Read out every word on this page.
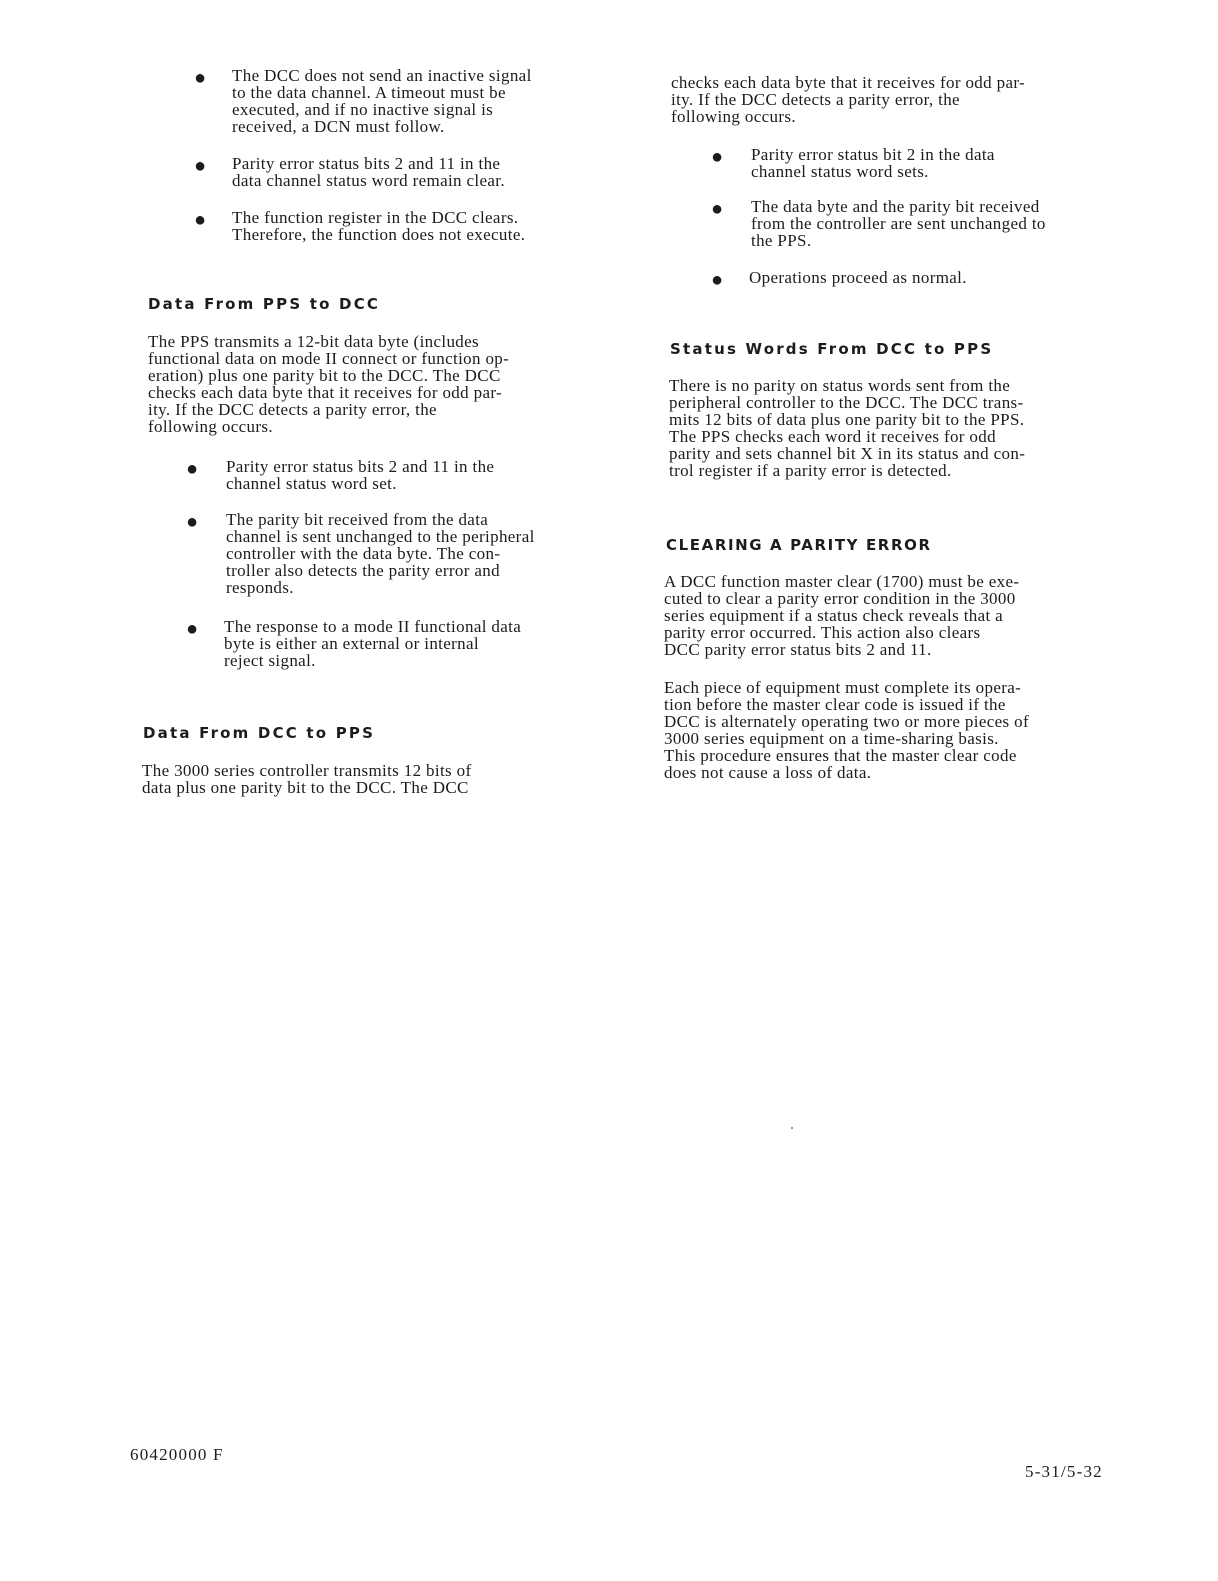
● The DCC does not send an inactive signal
to the data channel. A timeout must be
executed, and if no inactive signal is
received, a DCN must follow.
● Parity error status bits 2 and 11 in the
data channel status word remain clear.
● The function register in the DCC clears.
Therefore, the function does not execute.
Data From PPS to DCC

The PPS transmits a 12-bit data byte (includes
functional data on mode II connect or function op-
eration) plus one parity bit to the DCC. The DCC
checks each data byte that it receives for odd par-
ity. If the DCC detects a parity error, the
following occurs.

● Parity error status bits 2 and 11 in the
channel status word set.
● The parity bit received from the data
channel is sent unchanged to the peripheral
controller with the data byte. The con-
troller also detects the parity error and
responds.
● The response to a mode II functional data
byte is either an external or internal
reject signal.
Data From DCC to PPS

The 3000 series controller transmits 12 bits of
data plus one parity bit to the DCC. The DCC

checks each data byte that it receives for odd par-
ity. If the DCC detects a parity error, the
following occurs.

● Parity error status bit 2 in the data
channel status word sets.
● The data byte and the parity bit received
from the controller are sent unchanged to
the PPS.
● Operations proceed as normal.
Status Words From DCC to PPS

There is no parity on status words sent from the
peripheral controller to the DCC. The DCC trans-
mits 12 bits of data plus one parity bit to the PPS.
The PPS checks each word it receives for odd
parity and sets channel bit X in its status and con-
trol register if a parity error is detected.

CLEARING A PARITY ERROR

A DCC function master clear (1700) must be exe-
cuted to clear a parity error condition in the 3000
series equipment if a status check reveals that a
parity error occurred. This action also clears
DCC parity error status bits 2 and 11.

Each piece of equipment must complete its opera-
tion before the master clear code is issued if the
DCC is alternately operating two or more pieces of
3000 series equipment on a time-sharing basis.
This procedure ensures that the master clear code
does not cause a loss of data.

60420000 F

5-31/5-32
